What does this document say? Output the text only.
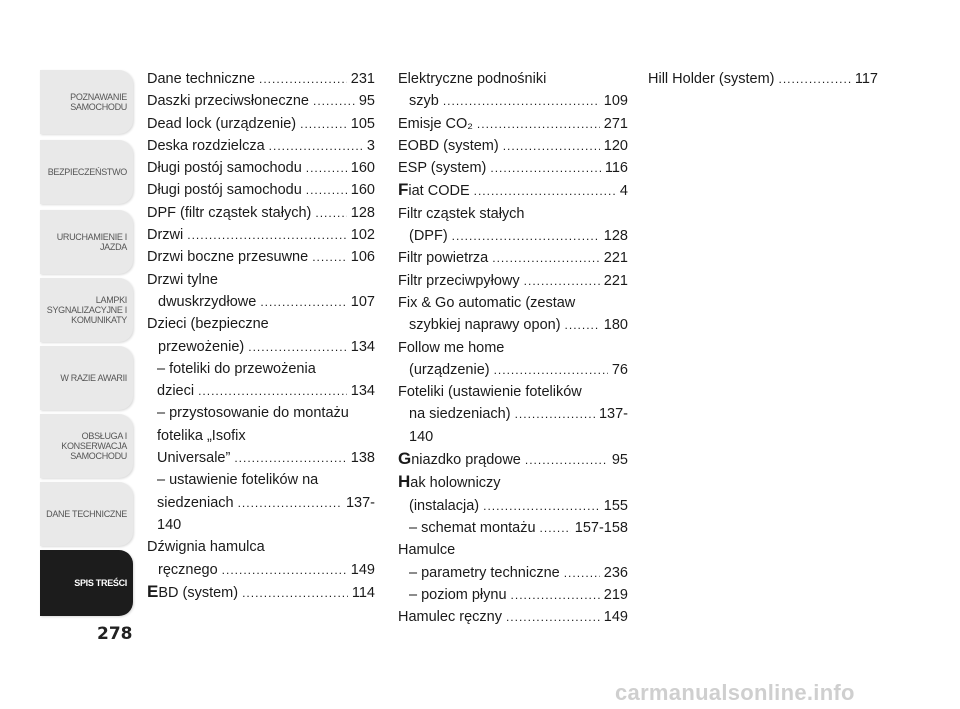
POZNAWANIE
SAMOCHODU
BEZPIECZEŃSTWO
URUCHAMIENIE I
JAZDA
LAMPKI
SYGNALIZACYJNE I
KOMUNIKATY
W RAZIE AWARII
OBSŁUGA I
KONSERWACJA
SAMOCHODU
DANE TECHNICZNE
SPIS TREŚCI
278
Dane techniczne .....	231
Daszki przeciwsłoneczne .....	95
Dead lock (urządzenie) .....	105
Deska rozdzielcza .....	3
Długi postój samochodu .....	160
Długi postój samochodu .....	160
DPF (filtr cząstek stałych) .....	128
Drzwi .....	102
Drzwi boczne przesuwne .....	106
Drzwi tylne
dwuskrzydłowe .....	107
Dzieci (bezpieczne
przewożenie) .....	134
– foteliki do przewożenia
dzieci .....	134
– przystosowanie do montażu
fotelika „Isofix
Universale” .....	138
– ustawienie fotelików na
siedzeniach .....	137-
140
Dźwignia hamulca
ręcznego .....	149
EBD (system) .....	114
Elektryczne podnośniki
szyb .....	109
Emisje CO₂ .....	271
EOBD (system) .....	120
ESP (system) .....	116
Fiat CODE .....	4
Filtr cząstek stałych
(DPF) .....	128
Filtr powietrza .....	221
Filtr przeciwpyłowy .....	221
Fix & Go automatic (zestaw
szybkiej naprawy opon) .....	180
Follow me home
(urządzenie) .....	76
Foteliki (ustawienie fotelików
na siedzeniach) .....	137-
140
Gniazdko prądowe .....	95
Hak holowniczy
(instalacja) .....	155
– schemat montażu .....	157-158
Hamulce
– parametry techniczne .....	236
– poziom płynu .....	219
Hamulec ręczny .....	149
Hill Holder (system) .....	117
carmanualsonline.info
